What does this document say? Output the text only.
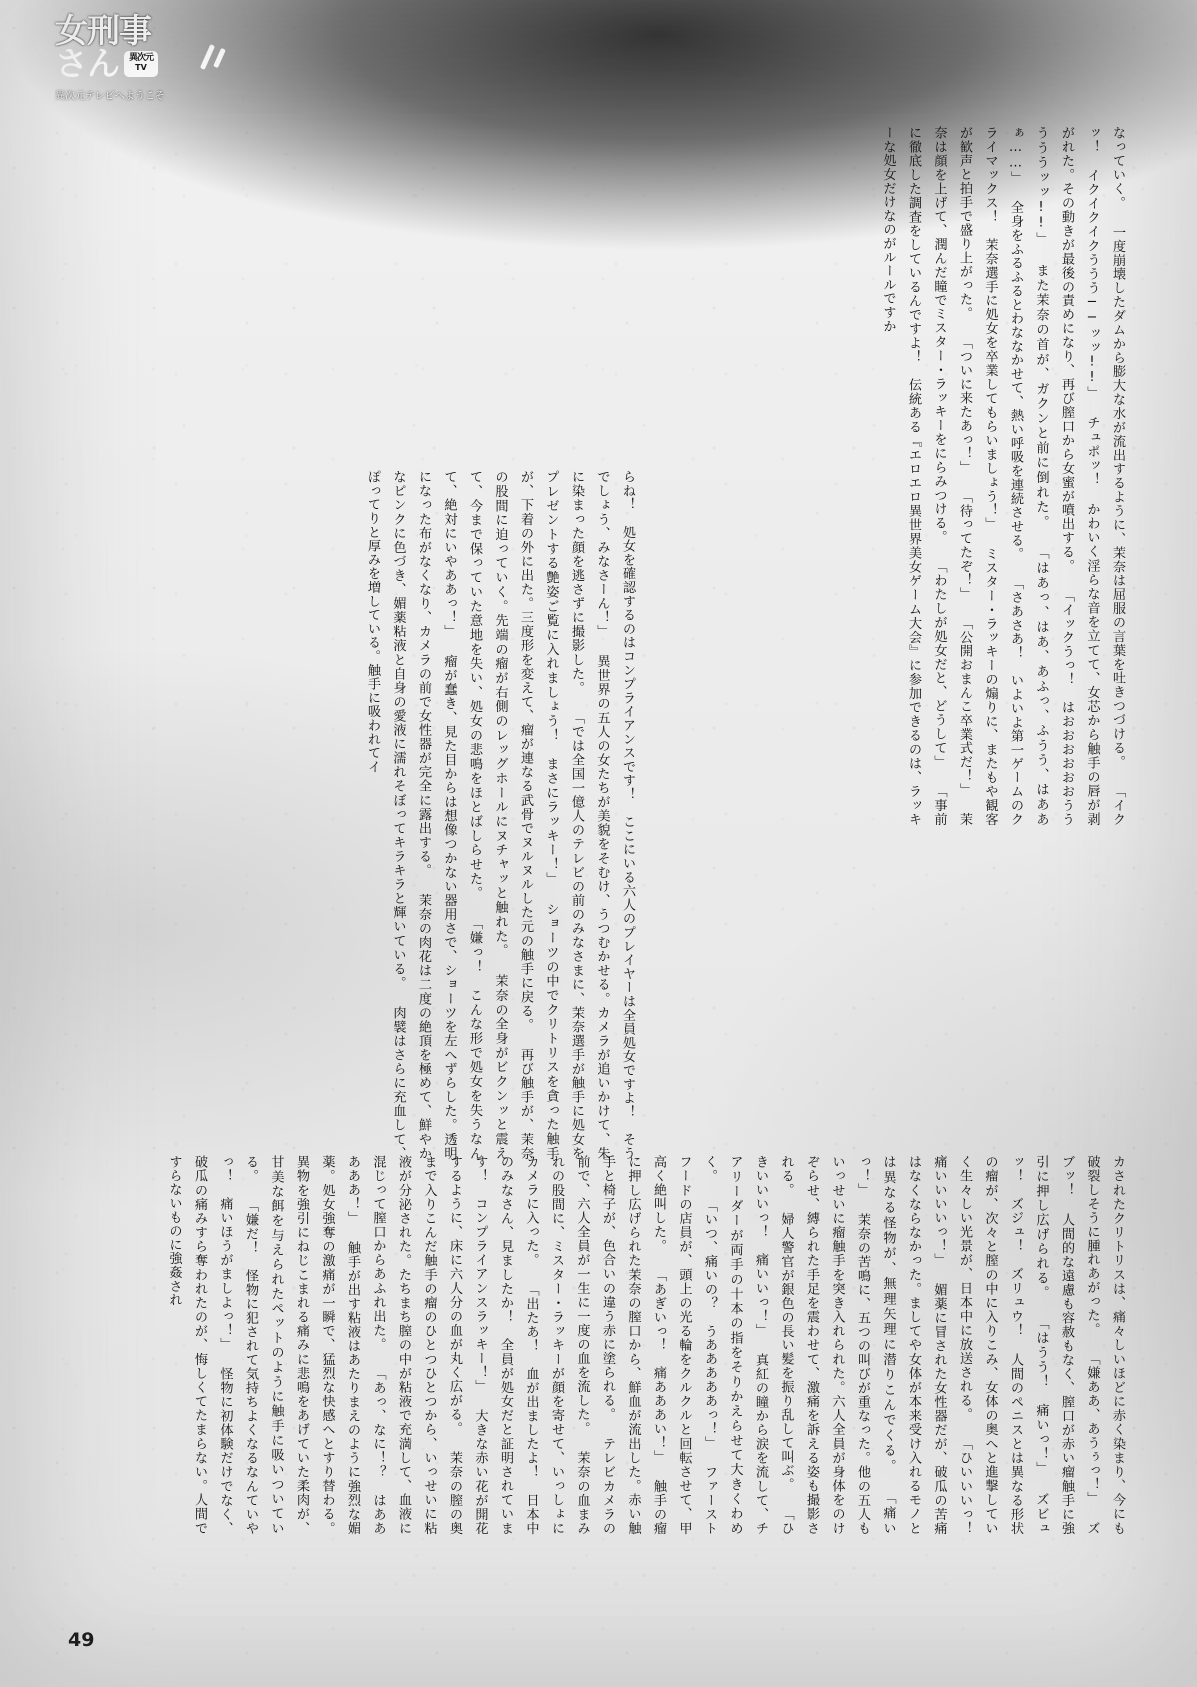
女刑事
さん	異次元
TV
異次元テレビへようこそ
なっていく。 一度崩壊したダムから膨大な水が流出するように、茉奈は屈服の言葉を吐きつづける。 「イクッ！　イクイクイクううう──ッッ!!」 チュポッ！ かわいく淫らな音を立てて、女芯から触手の唇が剥がれた。その動きが最後の責めになり、再び膣口から女蜜が噴出する。 「イックうっ！　はおおおおおおうううううッッ!!」 また茉奈の首が、ガクンと前に倒れた。 「はあっ、はあ、あふっ、ふうう、はああぁ……」 全身をふるふるとわななかせて、熱い呼吸を連続させる。 「さあさあ！　いよいよ第一ゲームのクライマックス！　茉奈選手に処女を卒業してもらいましょう！」 ミスター・ラッキーの煽りに、またもや観客が歓声と拍手で盛り上がった。 「ついに来たあっ！」 「待ってたぞ！」 「公開おまんこ卒業式だ！」 茉奈は顔を上げて、潤んだ瞳でミスター・ラッキーをにらみつける。 「わたしが処女だと、どうして」 「事前に徹底した調査をしているんですよ！　伝統ある『エロエロ異世界美女ゲーム大会』に参加できるのは、ラッキーな処女だけなのがルールですか
らね！　処女を確認するのはコンプライアンスです！　ここにいる六人のプレイヤーは全員処女ですよ！　そうでしょう、みなさーん！」 異世界の五人の女たちが美貌をそむけ、うつむかせる。カメラが追いかけて、朱に染まった顔を逃さずに撮影した。 「では全国一億人のテレビの前のみなさまに、茉奈選手が触手に処女をプレゼントする艶姿ご覧に入れましょう！　まさにラッキー！」 ショーツの中でクリトリスを貪った触手が、下着の外に出た。三度形を変えて、瘤が連なる武骨でヌルヌルした元の触手に戻る。 再び触手が、茉奈の股間に迫っていく。先端の瘤が右側のレッグホールにヌチャッと触れた。 茉奈の全身がビクンッと震えて、今まで保っていた意地を失い、処女の悲鳴をほとばしらせた。 「嫌っ！　こんな形で処女を失うなんて、絶対にいやああっ！」 瘤が蠢き、見た目からは想像つかない器用さで、ショーツを左へずらした。透明になった布がなくなり、カメラの前で女性器が完全に露出する。 茉奈の肉花は二度の絶頂を極めて、鮮やかなピンクに色づき、媚薬粘液と自身の愛液に濡れそぼってキラキラと輝いている。 肉襞はさらに充血して、ぽってりと厚みを増している。触手に吸われてイ
カされたクリトリスは、痛々しいほどに赤く染まり、今にも破裂しそうに腫れあがった。 「嫌ああ、あうぅっ！」 ズブッ！ 人間的な遠慮も容赦もなく、膣口が赤い瘤触手に強引に押し広げられる。 「はうう！　痛いっ！」 ズビュッ！　ズジュ！　ズリュウ！ 人間のペニスとは異なる形状の瘤が、次々と膣の中に入りこみ、女体の奥へと進撃していく生々しい光景が、日本中に放送される。 「ひいいいっ！　痛いいいいっ！」 媚薬に冒された女性器だが、破瓜の苦痛はなくならなかった。ましてや女体が本来受け入れるモノとは異なる怪物が、無理矢理に潜りこんでくる。 「痛いっ！」 茉奈の苦鳴に、五つの叫びが重なった。他の五人もいっせいに瘤触手を突き入れられた。六人全員が身体をのけぞらせ、縛られた手足を震わせて、激痛を訴える姿も撮影される。 婦人警官が銀色の長い髪を振り乱して叫ぶ。 「ひきいいいっ！　痛いいっ！」 真紅の瞳から涙を流して、チアリーダーが両手の十本の指をそりかえらせて大きくわめく。 「いつ、痛いの？　うあああああっ！」 ファーストフードの店員が、頭上の光る輪をクルクルと回転させて、甲高く絶叫した。 「あぎいっ！　痛あああい！」 触手の瘤に押し広げられた茉奈の膣口から、鮮血が流出した。赤い触手と椅子が、色合いの違う赤に塗られる。 テレビカメラの前で、六人全員が一生に一度の血を流した。 茉奈の血まみれの股間に、ミスター・ラッキーが顔を寄せて、いっしょにカメラに入った。 「出たあ！　血が出ましたよ！　日本中のみなさん、見ましたか！　全員が処女だと証明されています！　コンプライアンスラッキー！」 大きな赤い花が開花するように、床に六人分の血が丸く広がる。 茉奈の膣の奥まで入りこんだ触手の瘤のひとつひとつから、いっせいに粘液が分泌された。たちまち膣の中が粘液で充満して、血液に混じって膣口からあふれ出た。 「あっ、なに！？　はあああああ！」 触手が出す粘液はあたりまえのように強烈な媚薬。処女強奪の激痛が一瞬で、猛烈な快感へとすり替わる。 異物を強引にねじこまれる痛みに悲鳴をあげていた柔肉が、甘美な餌を与えられたペットのように触手に吸いついている。 「嫌だ！　怪物に犯されて気持ちよくなるなんていやっ！　痛いほうがましよっ！」 怪物に初体験だけでなく、破瓜の痛みすら奪われたのが、悔しくてたまらない。人間ですらないものに強姦され
49
